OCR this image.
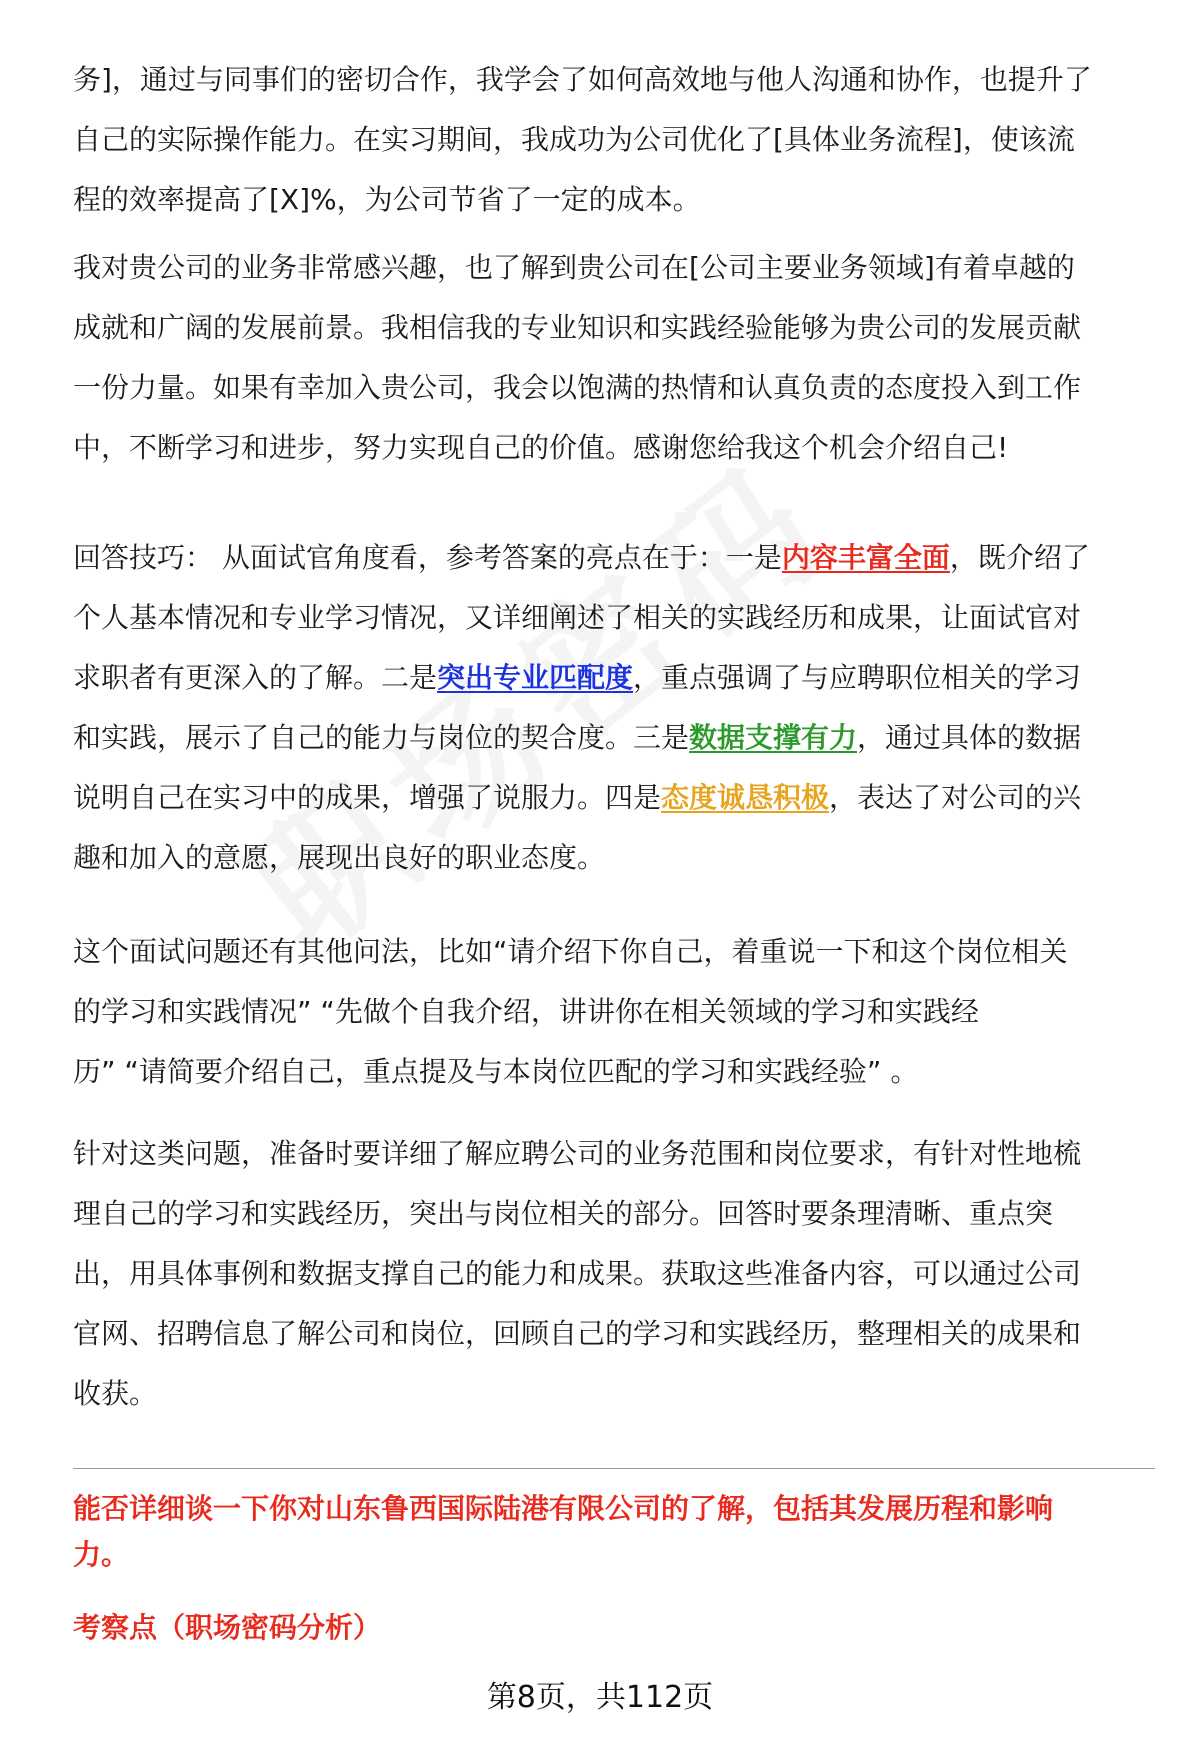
务]，通过与同事们的密切合作，我学会了如何高效地与他人沟通和协作，也提升了
自己的实际操作能力。在实习期间，我成功为公司优化了[具体业务流程]，使该流
程的效率提高了[X]%，为公司节省了一定的成本。

我对贵公司的业务非常感兴趣，也了解到贵公司在[公司主要业务领域]有着卓越的
成就和广阔的发展前景。我相信我的专业知识和实践经验能够为贵公司的发展贡献
一份力量。如果有幸加入贵公司，我会以饱满的热情和认真负责的态度投入到工作
中，不断学习和进步，努力实现自己的价值。感谢您给我这个机会介绍自己!

回答技巧： 从面试官角度看，参考答案的亮点在于：一是内容丰富全面，既介绍了
个人基本情况和专业学习情况，又详细阐述了相关的实践经历和成果，让面试官对
求职者有更深入的了解。二是突出专业匹配度，重点强调了与应聘职位相关的学习
和实践，展示了自己的能力与岗位的契合度。三是数据支撑有力，通过具体的数据
说明自己在实习中的成果，增强了说服力。四是态度诚恳积极，表达了对公司的兴
趣和加入的意愿，展现出良好的职业态度。

这个面试问题还有其他问法，比如“请介绍下你自己，着重说一下和这个岗位相关
的学习和实践情况” “先做个自我介绍，讲讲你在相关领域的学习和实践经
历” “请简要介绍自己，重点提及与本岗位匹配的学习和实践经验” 。

针对这类问题，准备时要详细了解应聘公司的业务范围和岗位要求，有针对性地梳
理自己的学习和实践经历，突出与岗位相关的部分。回答时要条理清晰、重点突
出，用具体事例和数据支撑自己的能力和成果。获取这些准备内容，可以通过公司
官网、招聘信息了解公司和岗位，回顾自己的学习和实践经历，整理相关的成果和
收获。

能否详细谈一下你对山东鲁西国际陆港有限公司的了解，包括其发展历程和影响
力。

考察点（职场密码分析）

第8页，共112页
